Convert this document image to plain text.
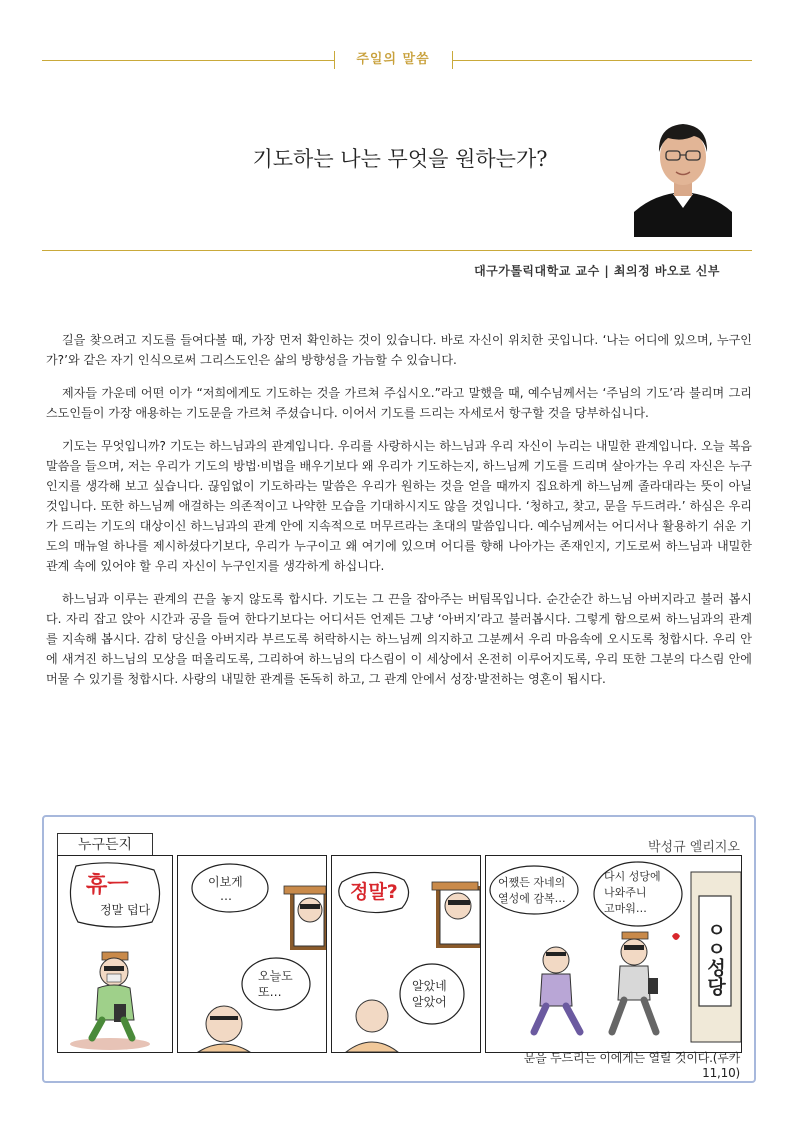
주일의 말씀
기도하는 나는 무엇을 원하는가?
대구가톨릭대학교 교수 | 최의정 바오로 신부

길을 찾으려고 지도를 들여다볼 때, 가장 먼저 확인하는 것이 있습니다. 바로 자신이 위치한 곳입니다. ‘나는 어디에 있으며, 누구인가?’와 같은 자기 인식으로써 그리스도인은 삶의 방향성을 가늠할 수 있습니다.

제자들 가운데 어떤 이가 “저희에게도 기도하는 것을 가르쳐 주십시오.”라고 말했을 때, 예수님께서는 ‘주님의 기도’라 불리며 그리스도인들이 가장 애용하는 기도문을 가르쳐 주셨습니다. 이어서 기도를 드리는 자세로서 항구할 것을 당부하십니다.

기도는 무엇입니까? 기도는 하느님과의 관계입니다. 우리를 사랑하시는 하느님과 우리 자신이 누리는 내밀한 관계입니다. 오늘 복음말씀을 들으며, 저는 우리가 기도의 방법·비법을 배우기보다 왜 우리가 기도하는지, 하느님께 기도를 드리며 살아가는 우리 자신은 누구인지를 생각해 보고 싶습니다. 끊임없이 기도하라는 말씀은 우리가 원하는 것을 얻을 때까지 집요하게 하느님께 졸라대라는 뜻이 아닐 것입니다. 또한 하느님께 애걸하는 의존적이고 나약한 모습을 기대하시지도 않을 것입니다. ‘청하고, 찾고, 문을 두드려라.’ 하심은 우리가 드리는 기도의 대상이신 하느님과의 관계 안에 지속적으로 머무르라는 초대의 말씀입니다. 예수님께서는 어디서나 활용하기 쉬운 기도의 매뉴얼 하나를 제시하셨다기보다, 우리가 누구이고 왜 여기에 있으며 어디를 향해 나아가는 존재인지, 기도로써 하느님과 내밀한 관계 속에 있어야 할 우리 자신이 누구인지를 생각하게 하십니다.

하느님과 이루는 관계의 끈을 놓지 않도록 합시다. 기도는 그 끈을 잡아주는 버팀목입니다. 순간순간 하느님 아버지라고 불러 봅시다. 자리 잡고 앉아 시간과 공을 들여 한다기보다는 어디서든 언제든 그냥 ‘아버지’라고 불러봅시다. 그렇게 함으로써 하느님과의 관계를 지속해 봅시다. 감히 당신을 아버지라 부르도록 허락하시는 하느님께 의지하고 그분께서 우리 마음속에 오시도록 청합시다. 우리 안에 새겨진 하느님의 모상을 떠올리도록, 그리하여 하느님의 다스림이 이 세상에서 온전히 이루어지도록, 우리 또한 그분의 다스림 안에 머물 수 있기를 청합시다. 사랑의 내밀한 관계를 돈독히 하고, 그 관계 안에서 성장·발전하는 영혼이 됩시다.

누구든지	박성규 엘리지오
휴ㅡ
정말 덥다
이보게
…
오늘도
또…
정말?
알았네
알았어
ㅇㅇ성당
어쨌든 자네의
열성에 감복…
다시 성당에
나와주니
고마워…
문을 두드리는 이에게는 열릴 것이다.(루카11,10)
